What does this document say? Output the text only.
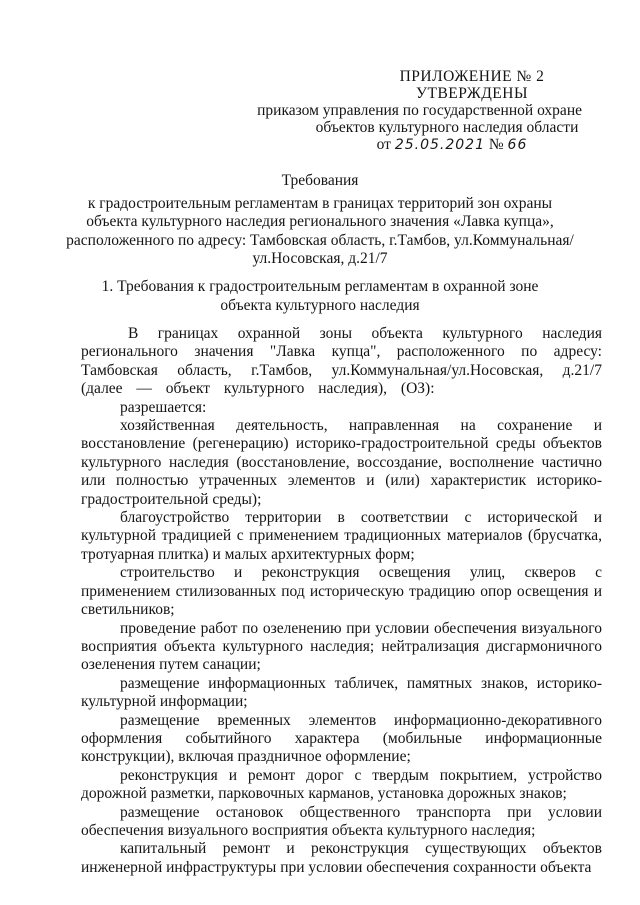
ПРИЛОЖЕНИЕ № 2
УТВЕРЖДЕНЫ
приказом управления по государственной охране
объектов культурного наследия области
от 25.05.2021 № 66
Требования
к градостроительным регламентам в границах территорий зон охраны
объекта культурного наследия регионального значения «Лавка купца»,
расположенного по адресу: Тамбовская область, г.Тамбов, ул.Коммунальная/
ул.Носовская, д.21/7
1. Требования к градостроительным регламентам в охранной зоне
объекта культурного наследия

В границах охранной зоны объекта культурного наследия регионального значения "Лавка купца", расположенного по адресу: Тамбовская область, г.Тамбов, ул.Коммунальная/ул.Носовская, д.21/7 (далее — объект культурного наследия), (ОЗ):

разрешается:

хозяйственная деятельность, направленная на сохранение и восстановление (регенерацию) историко-градостроительной среды объектов культурного наследия (восстановление, воссоздание, восполнение частично или полностью утраченных элементов и (или) характеристик историко-градостроительной среды);

благоустройство территории в соответствии с исторической и культурной традицией с применением традиционных материалов (брусчатка, тротуарная плитка) и малых архитектурных форм;

строительство и реконструкция освещения улиц, скверов с применением стилизованных под историческую традицию опор освещения и светильников;

проведение работ по озеленению при условии обеспечения визуального восприятия объекта культурного наследия; нейтрализация дисгармоничного озеленения путем санации;

размещение информационных табличек, памятных знаков, историко-культурной информации;

размещение временных элементов информационно-декоративного оформления событийного характера (мобильные информационные конструкции), включая праздничное оформление;

реконструкция и ремонт дорог с твердым покрытием, устройство дорожной разметки, парковочных карманов, установка дорожных знаков;

размещение остановок общественного транспорта при условии обеспечения визуального восприятия объекта культурного наследия;

капитальный ремонт и реконструкция существующих объектов инженерной инфраструктуры при условии обеспечения сохранности объекта
